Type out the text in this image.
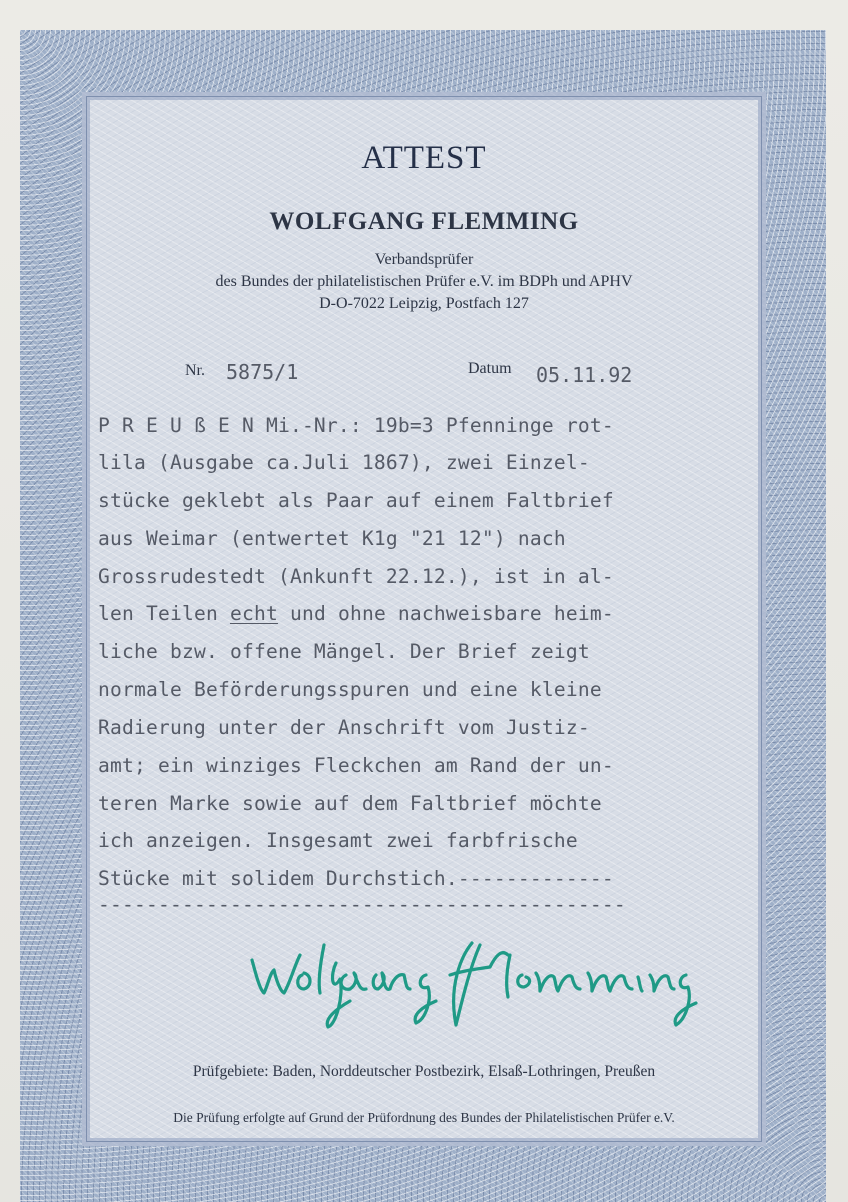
ATTEST
WOLFGANG FLEMMING
Verbandsprüfer
des Bundes der philatelistischen Prüfer e.V. im BDPh und APHV
D-O-7022 Leipzig, Postfach 127
Nr. 5875/1	Datum 05.11.92
P R E U ß E N Mi.-Nr.: 19b=3 Pfenninge rot-
lila (Ausgabe ca.Juli 1867), zwei Einzel-
stücke geklebt als Paar auf einem Faltbrief
aus Weimar (entwertet K1g "21 12") nach
Grossrudestedt (Ankunft 22.12.), ist in al-
len Teilen echt und ohne nachweisbare heim-
liche bzw. offene Mängel. Der Brief zeigt
normale Beförderungsspuren und eine kleine
Radierung unter der Anschrift vom Justiz-
amt; ein winziges Fleckchen am Rand der un-
teren Marke sowie auf dem Faltbrief möchte
ich anzeigen. Insgesamt zwei farbfrische
Stücke mit solidem Durchstich.-------------
--------------------------------------------
Prüfgebiete: Baden, Norddeutscher Postbezirk, Elsaß-Lothringen, Preußen
Die Prüfung erfolgte auf Grund der Prüfordnung des Bundes der Philatelistischen Prüfer e.V.
